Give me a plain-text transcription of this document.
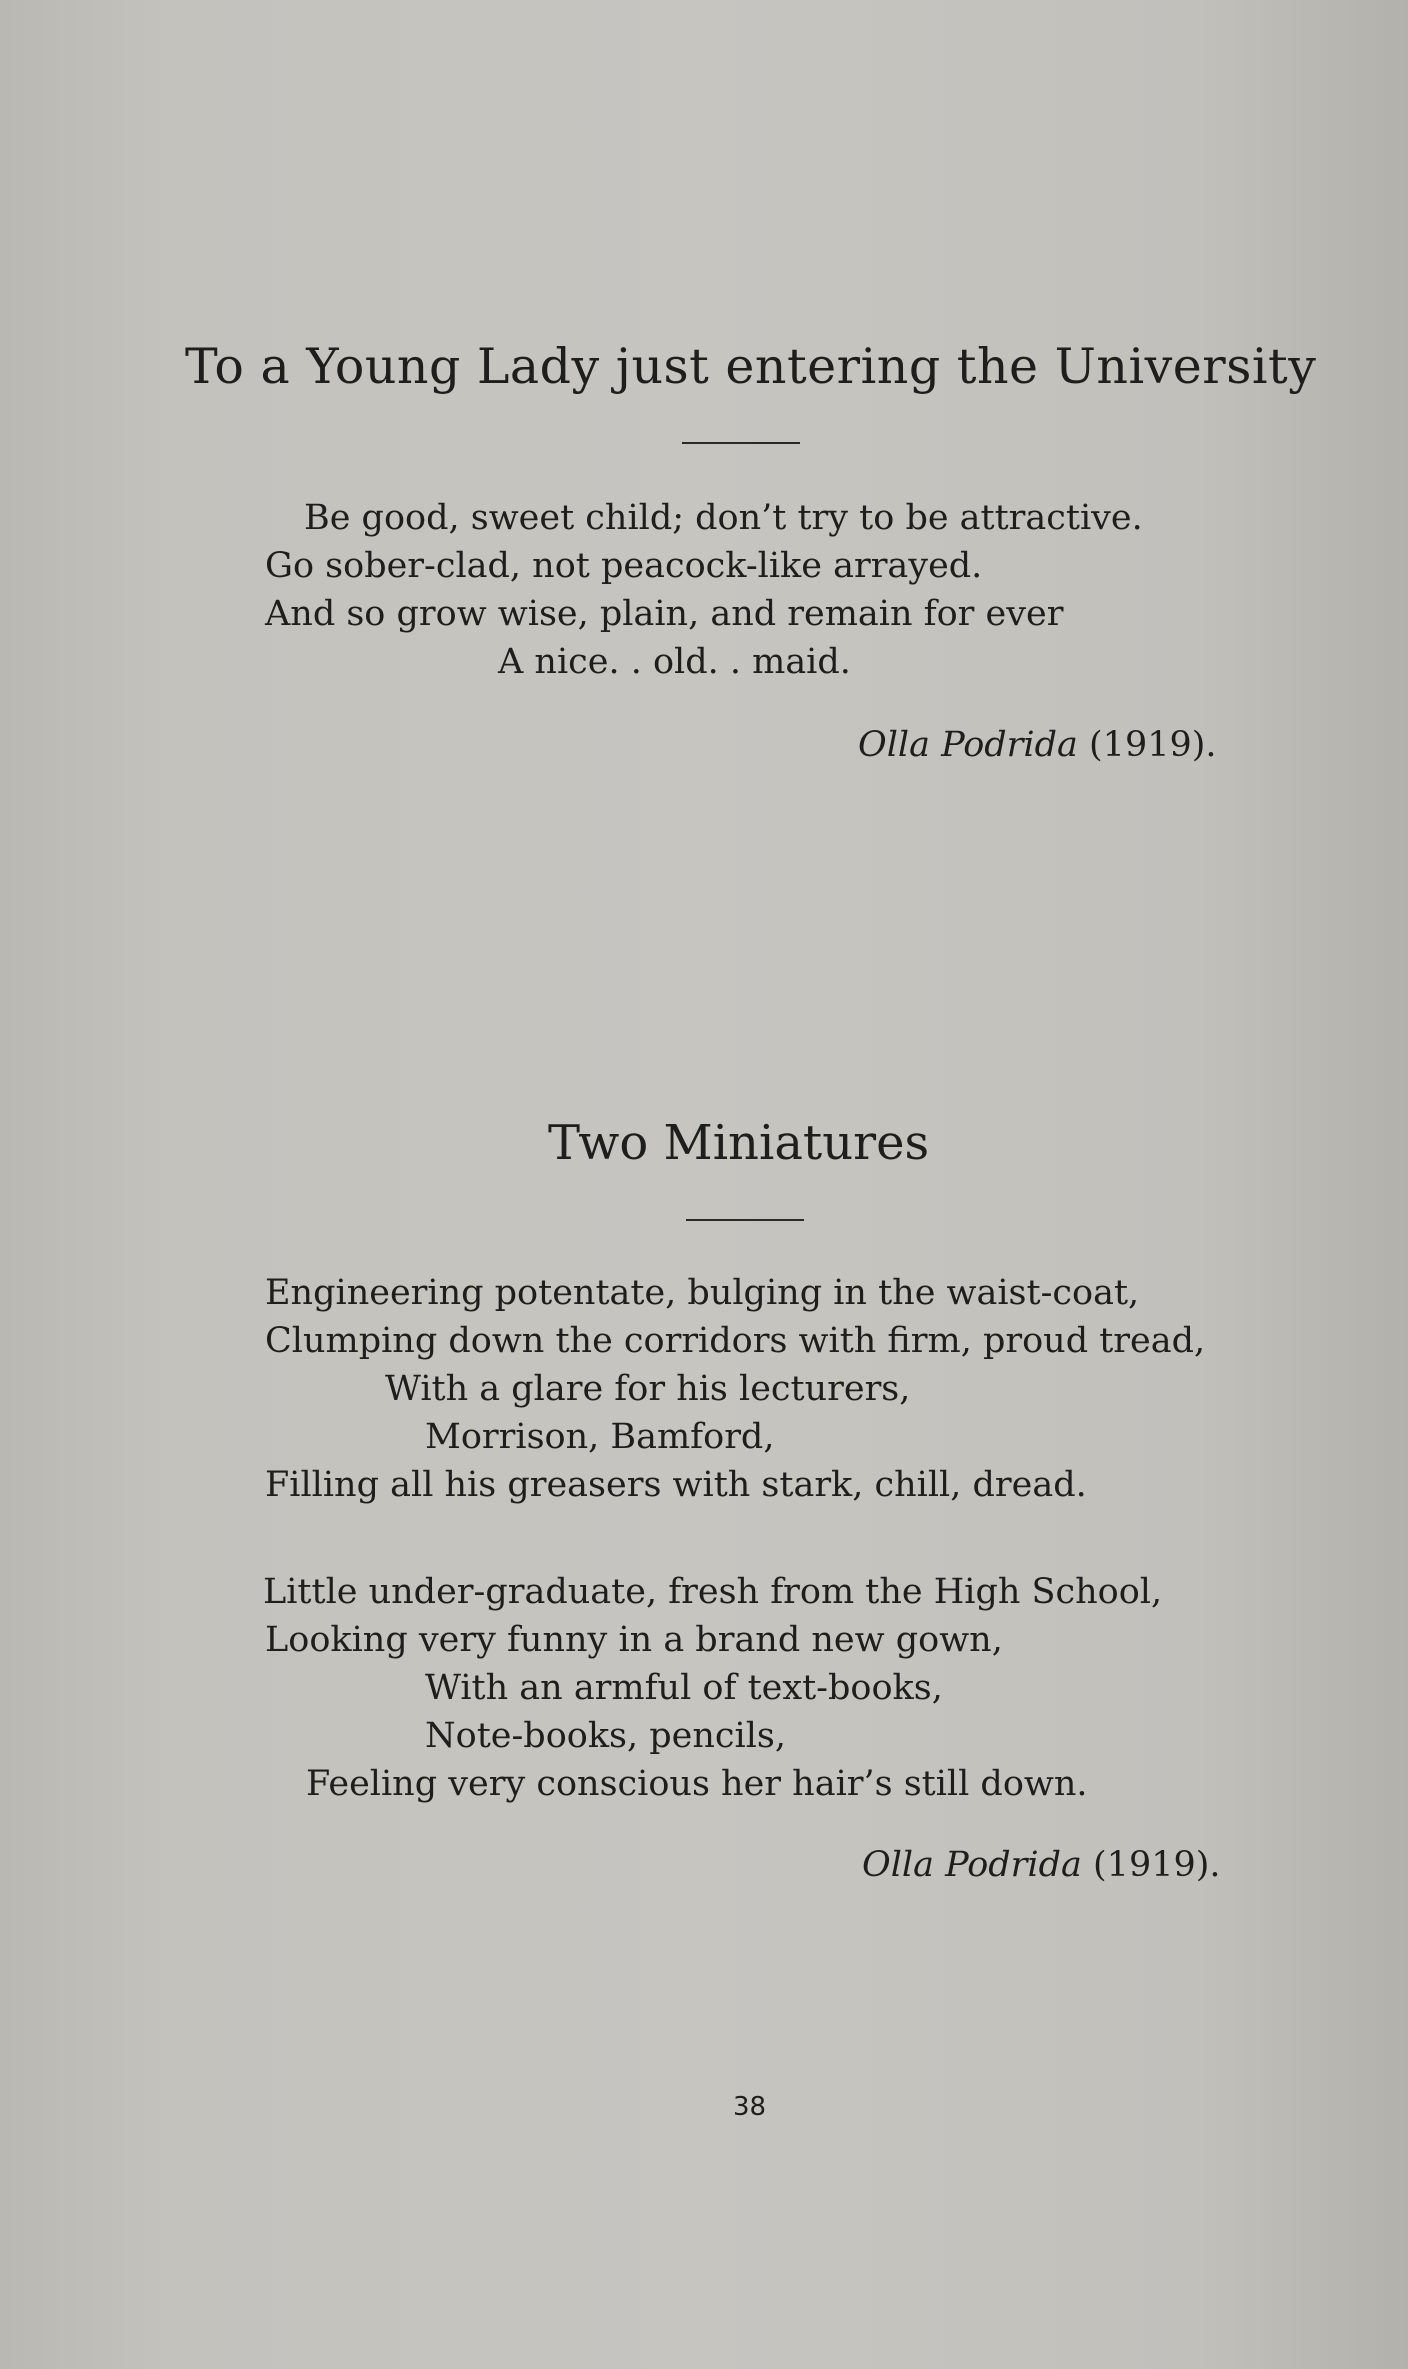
To a Young Lady just entering the University

Be good, sweet child; don’t try to be attractive.

Go sober-clad, not peacock-like arrayed.

And so grow wise, plain, and remain for ever

A nice. . old. . maid.

Olla Podrida (1919).

Two Miniatures

Engineering potentate, bulging in the waist-coat,

Clumping down the corridors with firm, proud tread,

With a glare for his lecturers,

Morrison, Bamford,

Filling all his greasers with stark, chill, dread.

Little under-graduate, fresh from the High School,

Looking very funny in a brand new gown,

With an armful of text-books,

Note-books, pencils,

Feeling very conscious her hair’s still down.

Olla Podrida (1919).

38
